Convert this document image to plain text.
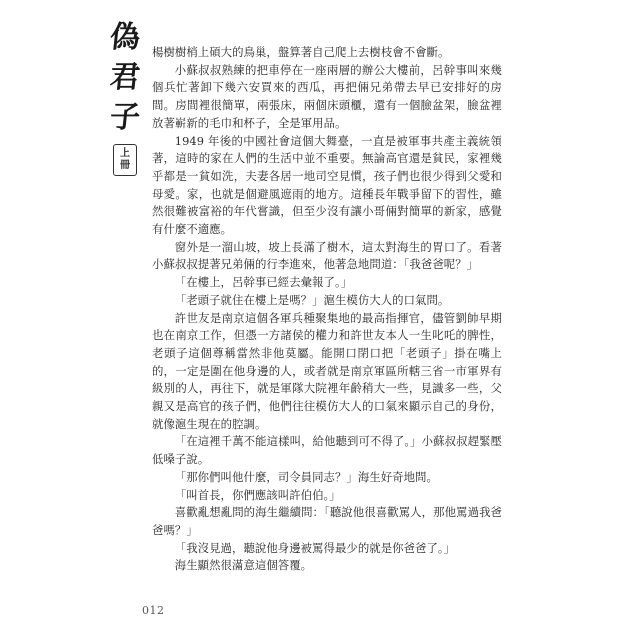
偽
君
子
上
冊

楊樹樹梢上碩大的鳥巢，盤算著自己爬上去樹枝會不會斷。

小蘇叔叔熟練的把車停在一座兩層的辦公大樓前，呂幹事叫來幾個兵忙著卸下幾六安買來的西瓜，再把倆兄弟帶去早已安排好的房間。房間裡很簡單，兩張床，兩個床頭櫃，還有一個臉盆架，臉盆裡放著嶄新的毛巾和杯子，全是軍用品。

1949 年後的中國社會這個大舞臺，一直是被軍事共產主義統領著，這時的家在人們的生活中並不重要。無論高官還是貧民，家裡幾乎都是一貧如洗，夫妻各居一地司空見慣，孩子們也很少得到父愛和母愛。家，也就是個避風遮雨的地方。這種長年戰爭留下的習性，雖然很難被富裕的年代嘗識，但至少沒有讓小哥倆對簡單的新家，感覺有什麼不適應。

窗外是一溜山坡，坡上長滿了樹木，這太對海生的胃口了。看著小蘇叔叔提著兄弟倆的行李進來，他著急地問道：「我爸爸呢？」

「在樓上，呂幹事已經去彙報了。」

「老頭子就住在樓上是嗎？」滬生模仿大人的口氣問。

許世友是南京這個各軍兵種聚集地的最高指揮官，儘管劉帥早期也在南京工作，但憑一方諸侯的權力和許世友本人一生叱吒的脾性，老頭子這個尊稱當然非他莫屬。能開口閉口把「老頭子」掛在嘴上的，一定是圍在他身邊的人，或者就是南京軍區所轄三省一市軍界有級別的人，再往下，就是軍隊大院裡年齡稍大一些，見識多一些，父親又是高官的孩子們，他們往往模仿大人的口氣來顯示自己的身份，就像滬生現在的腔調。

「在這裡千萬不能這樣叫，給他聽到可不得了。」小蘇叔叔趕緊壓低嗓子說。

「那你們叫他什麼，司令員同志？」海生好奇地問。

「叫首長，你們應該叫許伯伯。」

喜歡亂想亂問的海生繼續問：「聽說他很喜歡罵人，那他罵過我爸爸嗎？」

「我沒見過，聽說他身邊被罵得最少的就是你爸爸了。」

海生顯然很滿意這個答覆。

012
